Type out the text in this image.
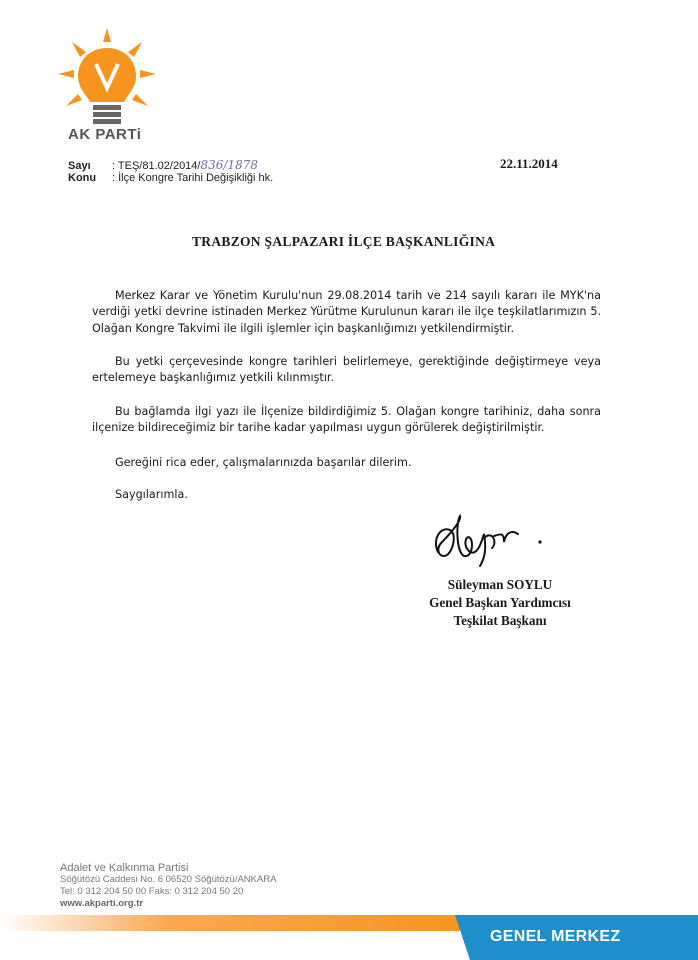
AK PARTi
Sayı : TEŞ/81.02/2014/836/1878
Konu : İlçe Kongre Tarihi Değişikliği hk.
22.11.2014
TRABZON ŞALPAZARI İLÇE BAŞKANLIĞINA

Merkez Karar ve Yönetim Kurulu'nun 29.08.2014 tarih ve 214 sayılı kararı ile MYK'na verdiği yetki devrine istinaden Merkez Yürütme Kurulunun kararı ile ilçe teşkilatlarımızın 5. Olağan Kongre Takvimi ile ilgili işlemler için başkanlığımızı yetkilendirmiştir.

Bu yetki çerçevesinde kongre tarihleri belirlemeye, gerektiğinde değiştirmeye veya ertelemeye başkanlığımız yetkili kılınmıştır.

Bu bağlamda ilgi yazı ile İlçenize bildirdiğimiz 5. Olağan kongre tarihiniz, daha sonra ilçenize bildireceğimiz bir tarihe kadar yapılması uygun görülerek değiştirilmiştir.

Gereğini rica eder, çalışmalarınızda başarılar dilerim.

Saygılarımla.

Süleyman SOYLU
Genel Başkan Yardımcısı
Teşkilat Başkanı
Adalet ve Kalkınma Partisi
Söğütözü Caddesi No. 6 06520 Söğütözü/ANKARA
Tel: 0 312 204 50 00 Faks: 0 312 204 50 20
www.akparti.org.tr
GENEL MERKEZ
